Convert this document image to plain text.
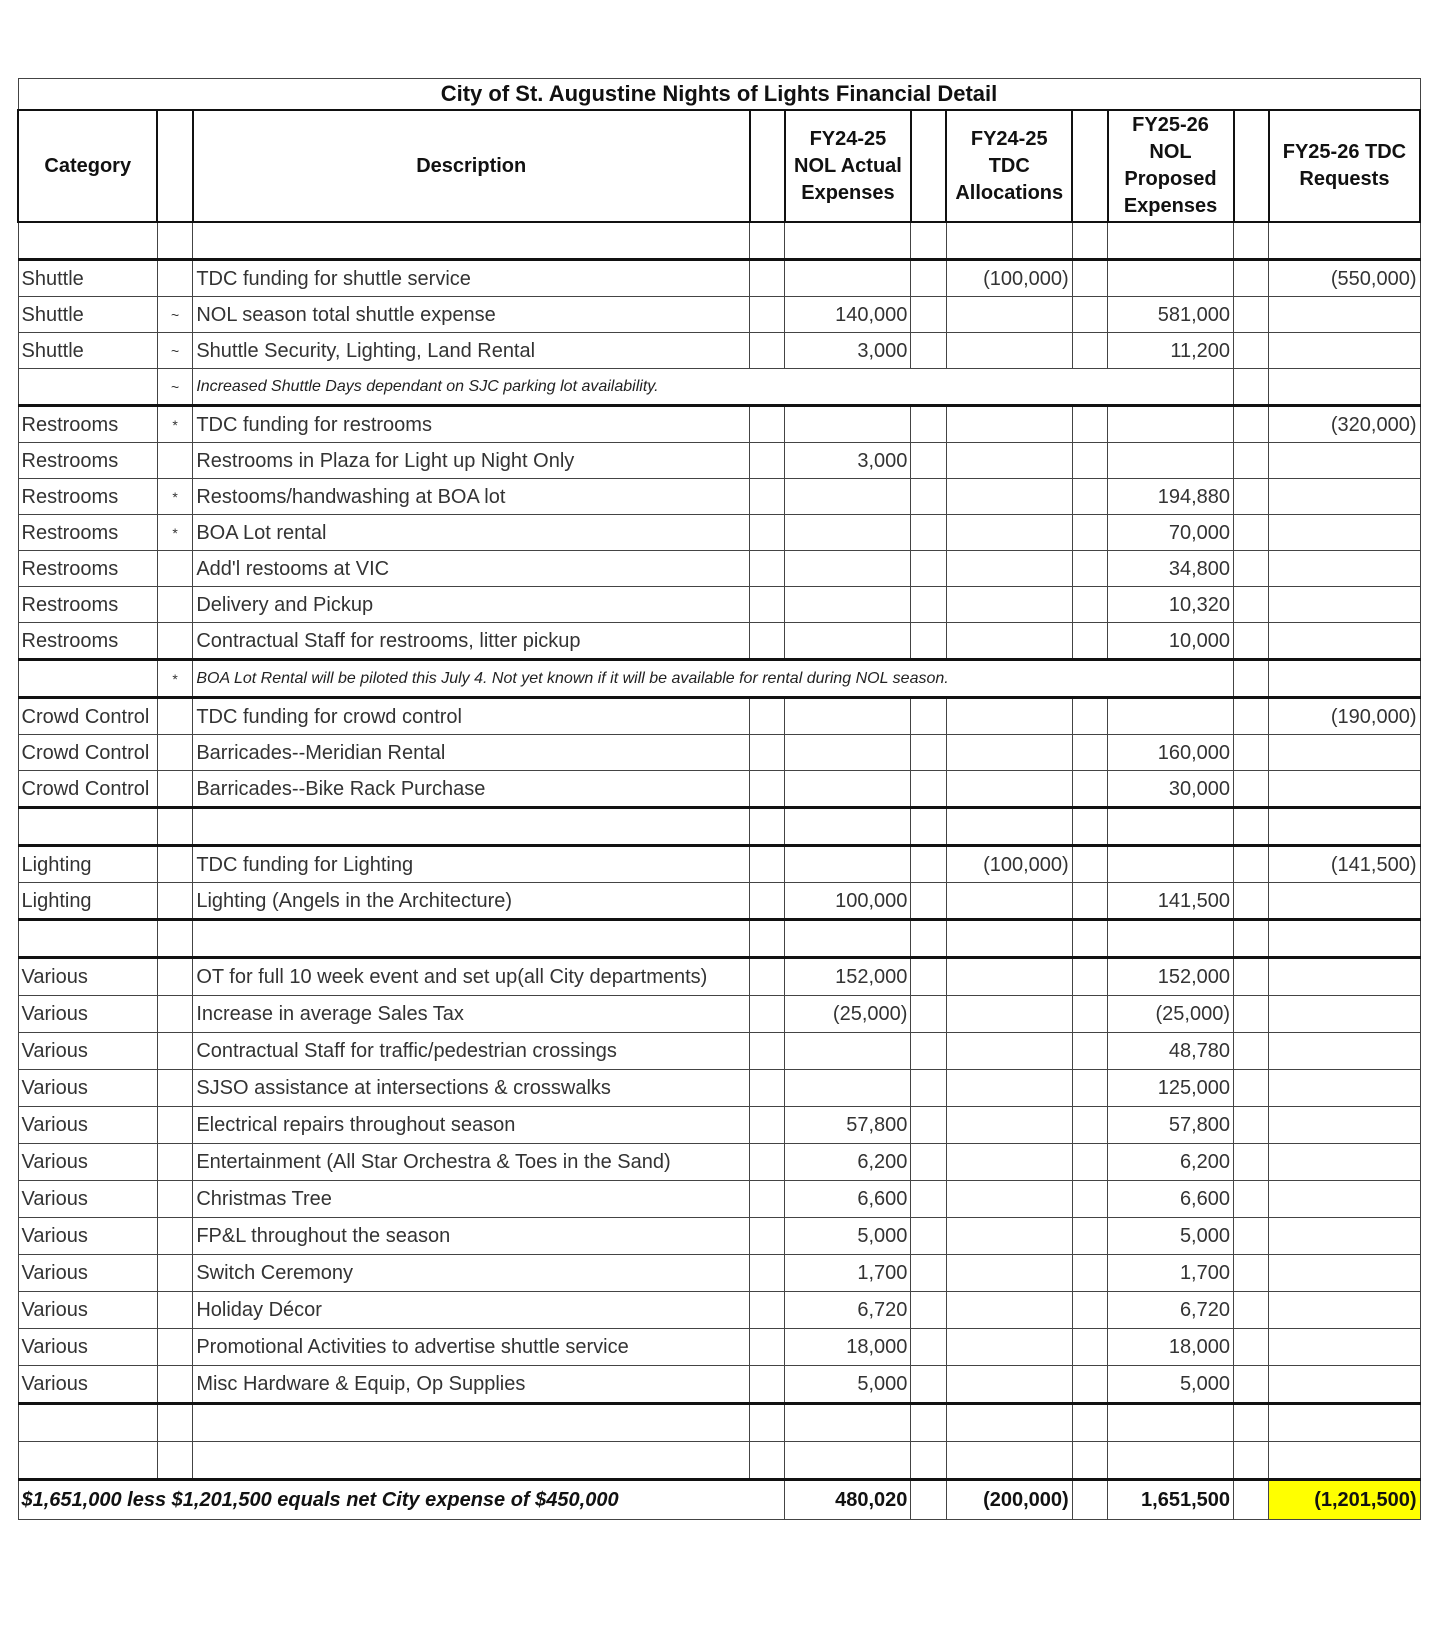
City of St. Augustine Nights of Lights Financial Detail										
Category		Description		FY24-25 NOL Actual Expenses		FY24-25 TDC Allocations		FY25-26 NOL Proposed Expenses		FY25-26 TDC Requests

Shuttle		TDC funding for shuttle service				(100,000)				(550,000)
Shuttle	~	NOL season total shuttle expense		140,000				581,000		
Shuttle	~	Shuttle Security, Lighting, Land Rental		3,000				11,200		
	~	Increased Shuttle Days dependant on SJC parking lot availability.								
Restrooms	*	TDC funding for restrooms								(320,000)
Restrooms		Restrooms in Plaza for Light up Night Only		3,000						
Restrooms	*	Restooms/handwashing at BOA lot						194,880		
Restrooms	*	BOA Lot rental						70,000		
Restrooms		Add'l restooms at VIC						34,800		
Restrooms		Delivery and Pickup						10,320		
Restrooms		Contractual Staff for restrooms, litter pickup						10,000		
	*	BOA Lot Rental will be piloted this July 4. Not yet known if it will be available for rental during NOL season.								
Crowd Control		TDC funding for crowd control								(190,000)
Crowd Control		Barricades--Meridian Rental						160,000		
Crowd Control		Barricades--Bike Rack Purchase						30,000		

Lighting		TDC funding for Lighting				(100,000)				(141,500)
Lighting		Lighting (Angels in the Architecture)		100,000				141,500		

Various		OT for full 10 week event and set up(all City departments)		152,000				152,000		
Various		Increase in average Sales Tax		(25,000)				(25,000)		
Various		Contractual Staff for traffic/pedestrian crossings						48,780		
Various		SJSO assistance at intersections & crosswalks						125,000		
Various		Electrical repairs throughout season		57,800				57,800		
Various		Entertainment (All Star Orchestra & Toes in the Sand)		6,200				6,200		
Various		Christmas Tree		6,600				6,600		
Various		FP&L throughout the season		5,000				5,000		
Various		Switch Ceremony		1,700				1,700		
Various		Holiday Décor		6,720				6,720		
Various		Promotional Activities to advertise shuttle service		18,000				18,000		
Various		Misc Hardware & Equip, Op Supplies		5,000				5,000		

$1,651,000 less $1,201,500 equals net City expense of $450,000				480,020		(200,000)		1,651,500		(1,201,500)
